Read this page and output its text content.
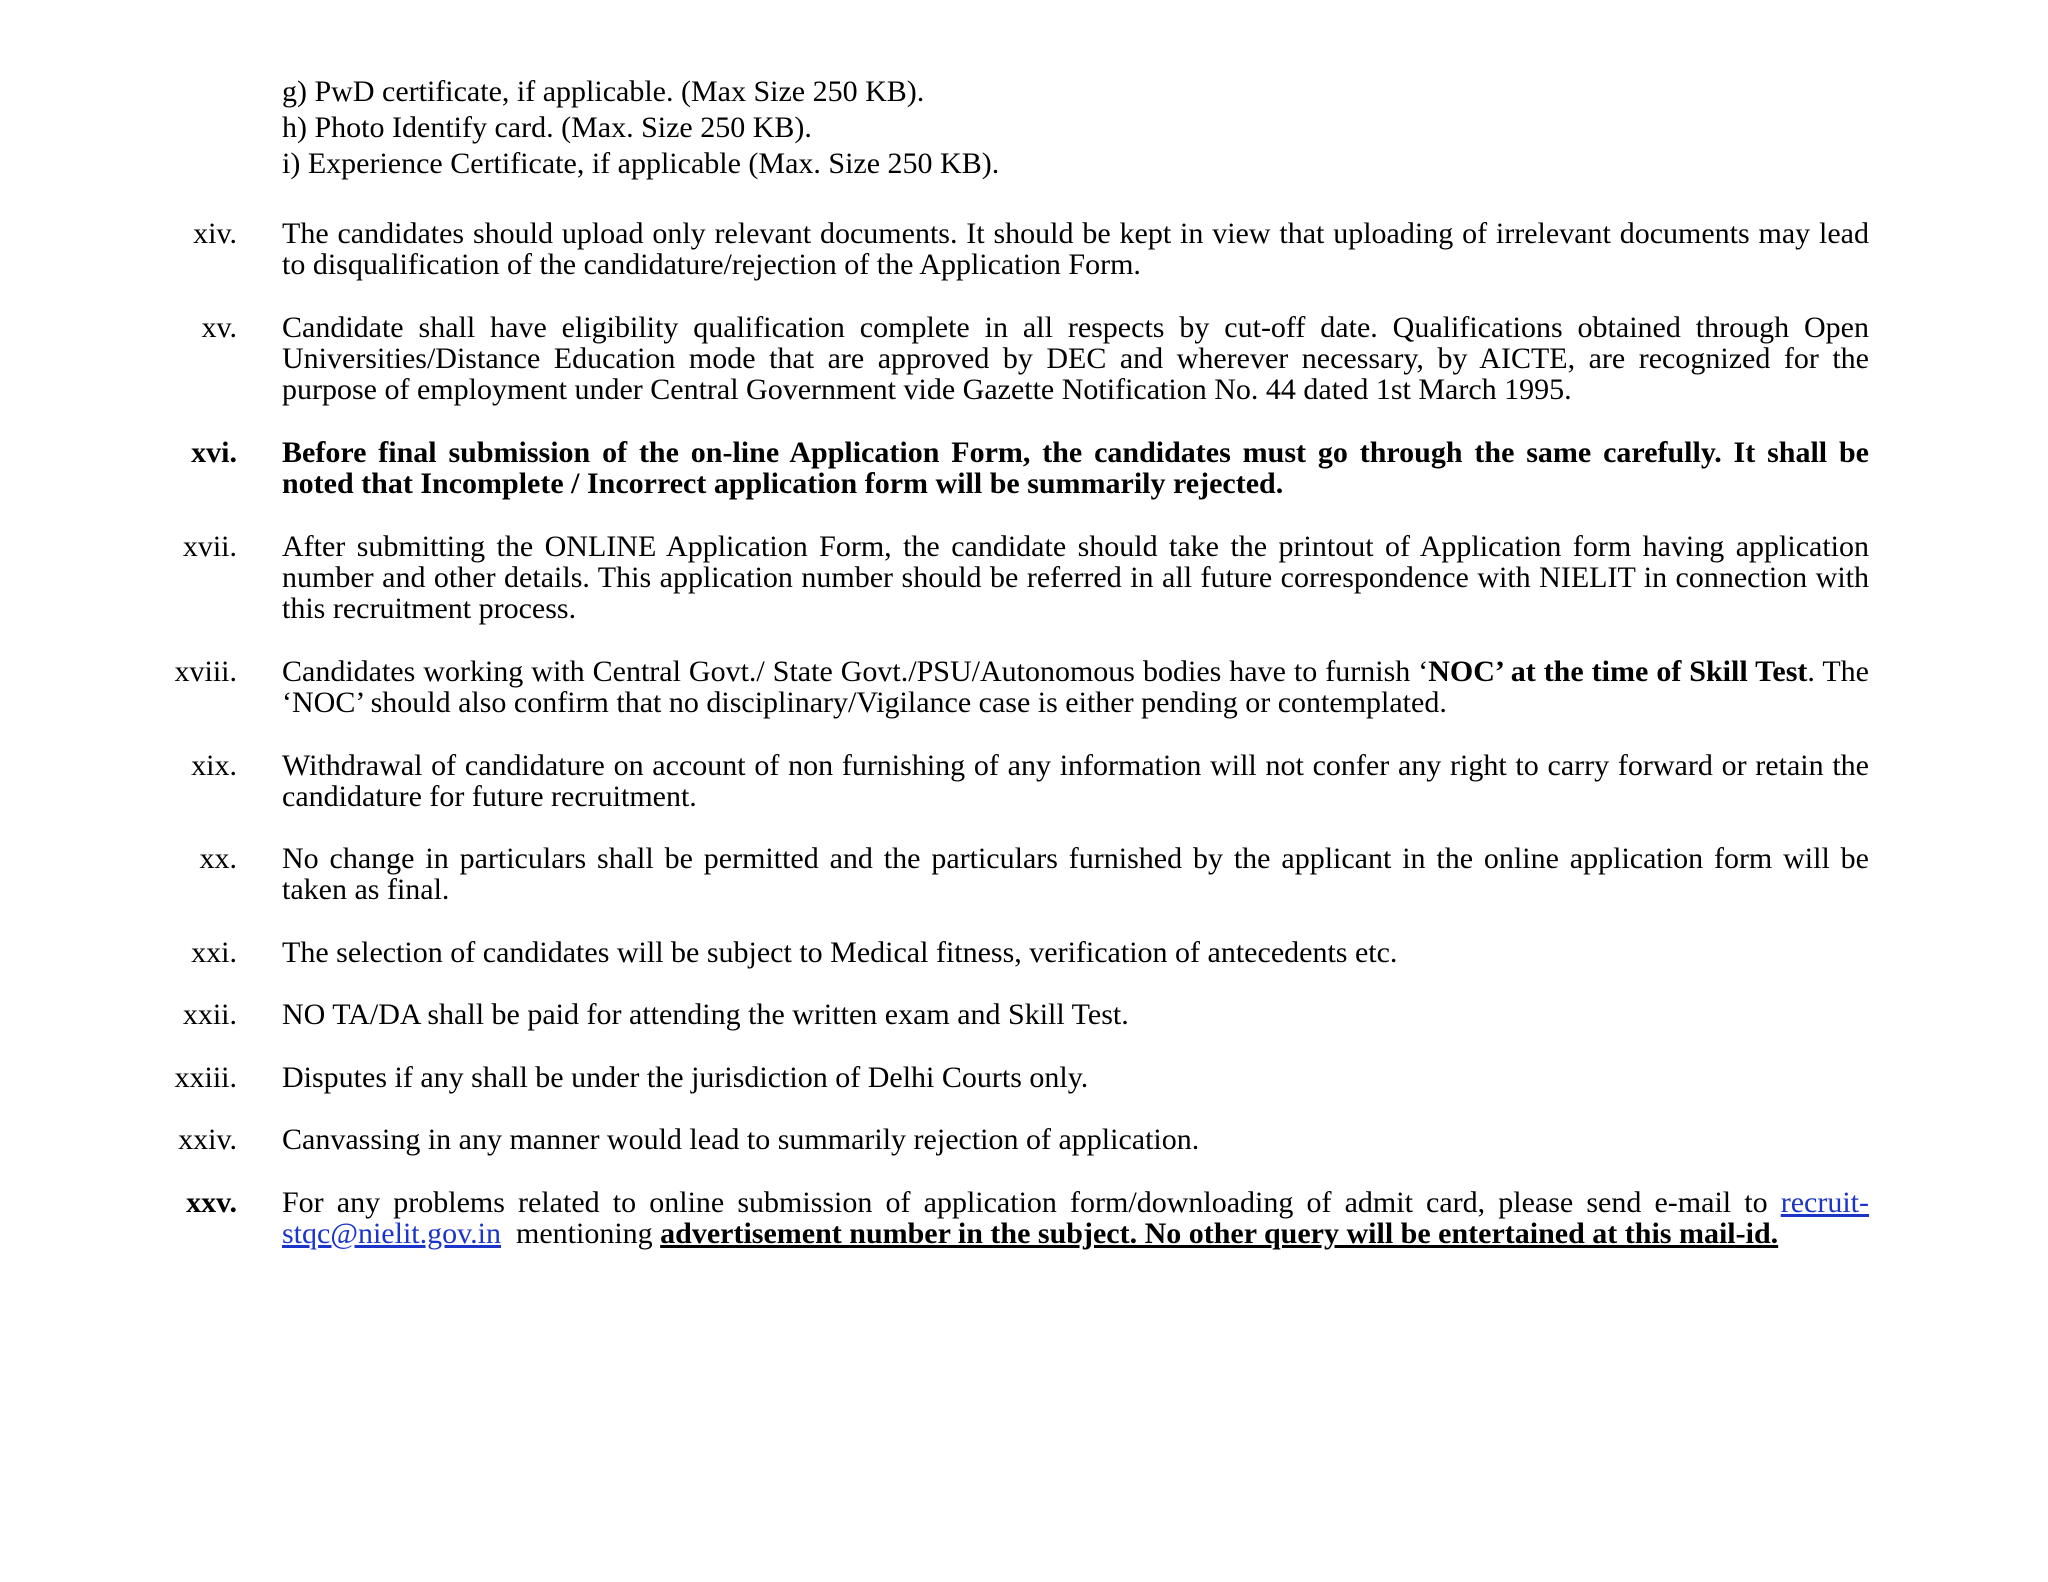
g) PwD certificate, if applicable. (Max Size 250 KB).
h) Photo Identify card. (Max. Size 250 KB).
i) Experience Certificate, if applicable (Max. Size 250 KB).
xiv. The candidates should upload only relevant documents. It should be kept in view that uploading of irrelevant documents may lead to disqualification of the candidature/rejection of the Application Form.
xv. Candidate shall have eligibility qualification complete in all respects by cut-off date. Qualifications obtained through Open Universities/Distance Education mode that are approved by DEC and wherever necessary, by AICTE, are recognized for the purpose of employment under Central Government vide Gazette Notification No. 44 dated 1st March 1995.
xvi. Before final submission of the on-line Application Form, the candidates must go through the same carefully. It shall be noted that Incomplete / Incorrect application form will be summarily rejected.
xvii. After submitting the ONLINE Application Form, the candidate should take the printout of Application form having application number and other details. This application number should be referred in all future correspondence with NIELIT in connection with this recruitment process.
xviii. Candidates working with Central Govt./ State Govt./PSU/Autonomous bodies have to furnish ‘NOC’ at the time of Skill Test. The ‘NOC’ should also confirm that no disciplinary/Vigilance case is either pending or contemplated.
xix. Withdrawal of candidature on account of non furnishing of any information will not confer any right to carry forward or retain the candidature for future recruitment.
xx. No change in particulars shall be permitted and the particulars furnished by the applicant in the online application form will be taken as final.
xxi. The selection of candidates will be subject to Medical fitness, verification of antecedents etc.
xxii. NO TA/DA shall be paid for attending the written exam and Skill Test.
xxiii. Disputes if any shall be under the jurisdiction of Delhi Courts only.
xxiv. Canvassing in any manner would lead to summarily rejection of application.
xxv. For any problems related to online submission of application form/downloading of admit card, please send e-mail to recruit-stqc@nielit.gov.in  mentioning advertisement number in the subject. No other query will be entertained at this mail-id.
